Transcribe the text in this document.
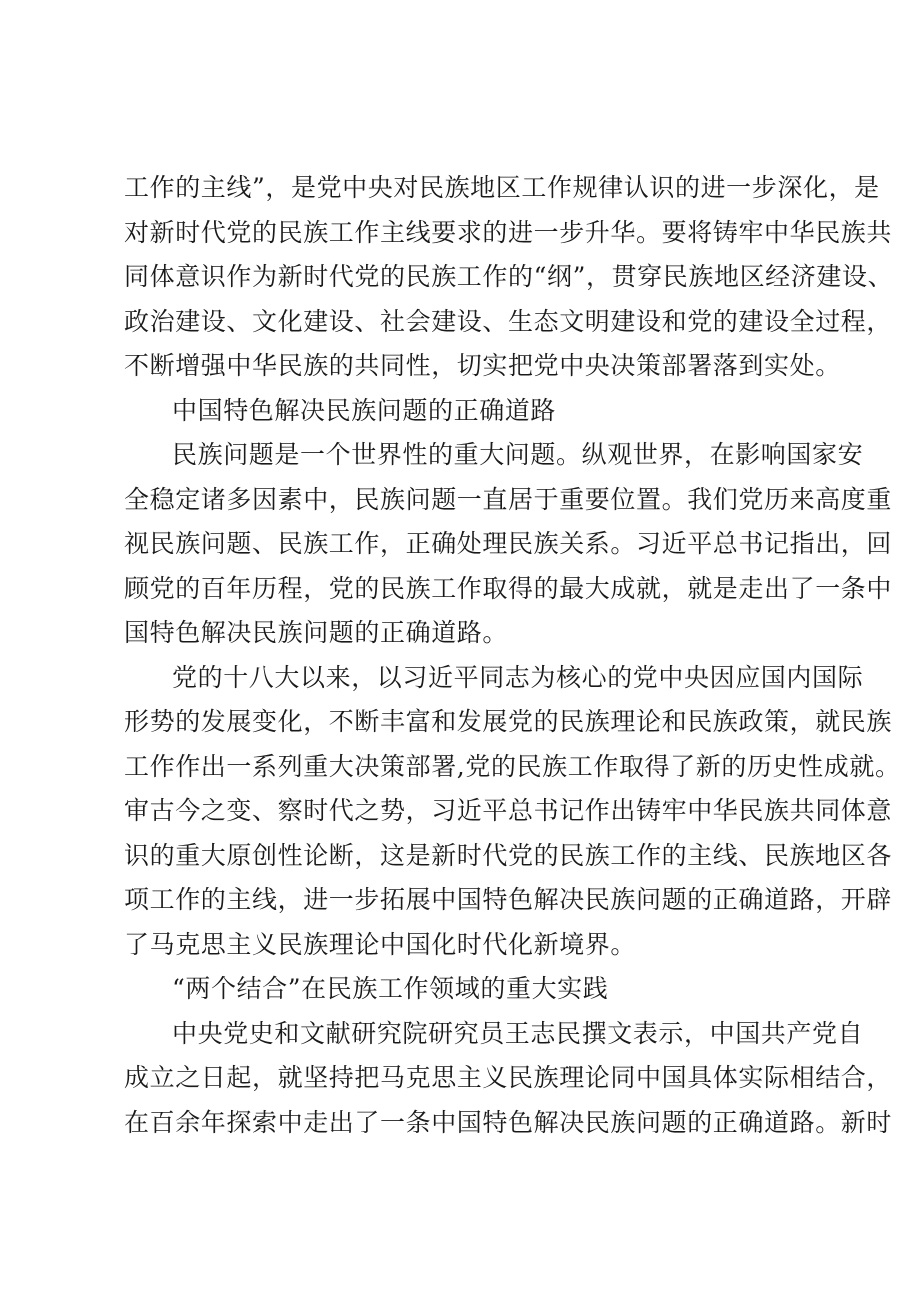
工作的主线”，是党中央对民族地区工作规律认识的进一步深化，是
对新时代党的民族工作主线要求的进一步升华。要将铸牢中华民族共
同体意识作为新时代党的民族工作的“纲”，贯穿民族地区经济建设、
政治建设、文化建设、社会建设、生态文明建设和党的建设全过程，
不断增强中华民族的共同性，切实把党中央决策部署落到实处。
中国特色解决民族问题的正确道路
民族问题是一个世界性的重大问题。纵观世界，在影响国家安
全稳定诸多因素中，民族问题一直居于重要位置。我们党历来高度重
视民族问题、民族工作，正确处理民族关系。习近平总书记指出，回
顾党的百年历程，党的民族工作取得的最大成就，就是走出了一条中
国特色解决民族问题的正确道路。
党的十八大以来，以习近平同志为核心的党中央因应国内国际
形势的发展变化，不断丰富和发展党的民族理论和民族政策，就民族
工作作出一系列重大决策部署,党的民族工作取得了新的历史性成就。
审古今之变、察时代之势，习近平总书记作出铸牢中华民族共同体意
识的重大原创性论断，这是新时代党的民族工作的主线、民族地区各
项工作的主线，进一步拓展中国特色解决民族问题的正确道路，开辟
了马克思主义民族理论中国化时代化新境界。
“两个结合”在民族工作领域的重大实践
中央党史和文献研究院研究员王志民撰文表示，中国共产党自
成立之日起，就坚持把马克思主义民族理论同中国具体实际相结合，
在百余年探索中走出了一条中国特色解决民族问题的正确道路。新时
